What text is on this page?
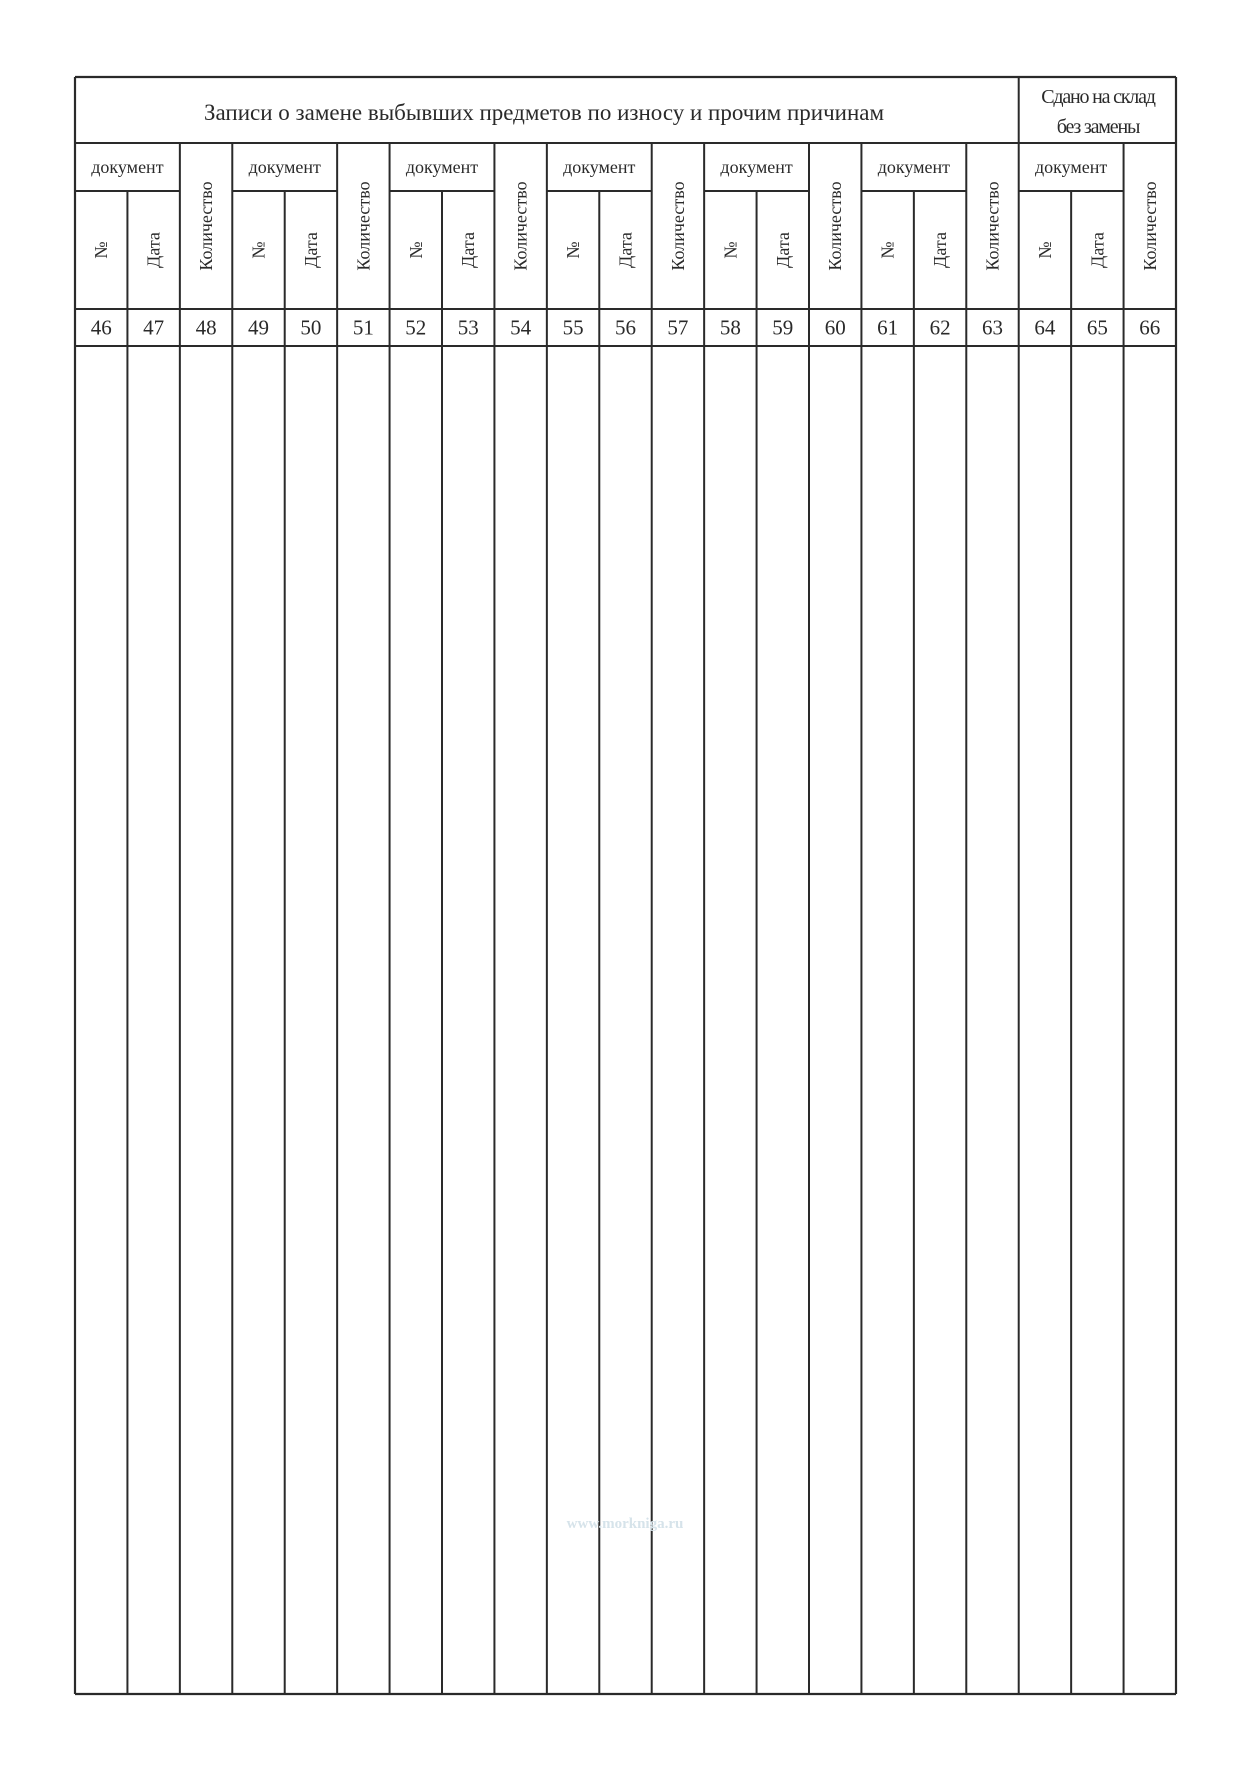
Записи о замене выбывших предметов по износу и прочим причинам
Сдано на склад
без замены
документ
№
46
Дата
47
Количество
48
документ
№
49
Дата
50
Количество
51
документ
№
52
Дата
53
Количество
54
документ
№
55
Дата
56
Количество
57
документ
№
58
Дата
59
Количество
60
документ
№
61
Дата
62
Количество
63
документ
№
64
Дата
65
Количество
66
www.morkniga.ru
